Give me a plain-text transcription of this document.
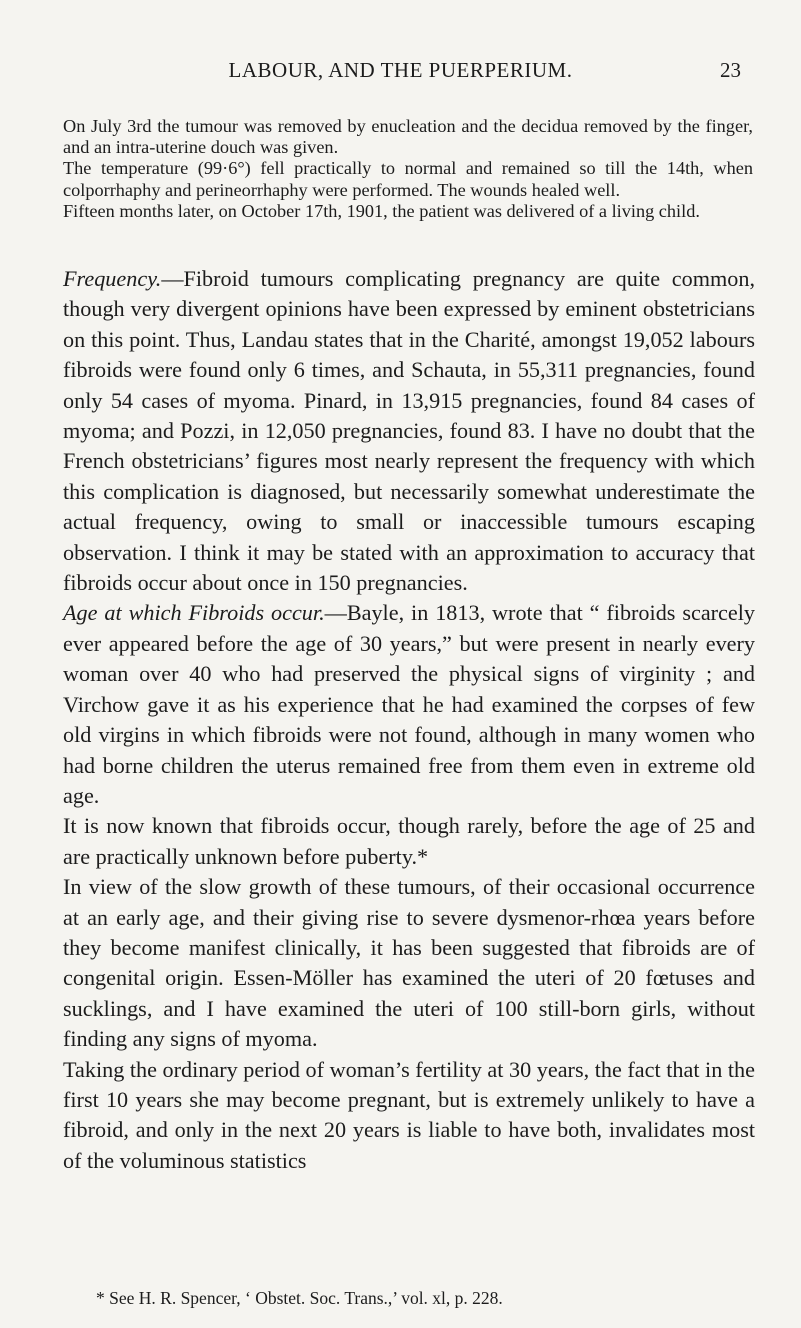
LABOUR, AND THE PUERPERIUM.	23

On July 3rd the tumour was removed by enucleation and the decidua removed by the finger, and an intra-uterine douch was given.

The temperature (99·6°) fell practically to normal and remained so till the 14th, when colporrhaphy and perineorrhaphy were performed. The wounds healed well.

Fifteen months later, on October 17th, 1901, the patient was delivered of a living child.

Frequency.—Fibroid tumours complicating pregnancy are quite common, though very divergent opinions have been expressed by eminent obstetricians on this point. Thus, Landau states that in the Charité, amongst 19,052 labours fibroids were found only 6 times, and Schauta, in 55,311 pregnancies, found only 54 cases of myoma. Pinard, in 13,915 pregnancies, found 84 cases of myoma; and Pozzi, in 12,050 pregnancies, found 83. I have no doubt that the French obstetricians’ figures most nearly represent the frequency with which this complication is diagnosed, but necessarily somewhat underestimate the actual frequency, owing to small or inaccessible tumours escaping observation. I think it may be stated with an approximation to accuracy that fibroids occur about once in 150 pregnancies.

Age at which Fibroids occur.—Bayle, in 1813, wrote that “ fibroids scarcely ever appeared before the age of 30 years,” but were present in nearly every woman over 40 who had preserved the physical signs of virginity ; and Virchow gave it as his experience that he had examined the corpses of few old virgins in which fibroids were not found, although in many women who had borne children the uterus remained free from them even in extreme old age.

It is now known that fibroids occur, though rarely, before the age of 25 and are practically unknown before puberty.*

In view of the slow growth of these tumours, of their occasional occurrence at an early age, and their giving rise to severe dysmenor-rhœa years before they become manifest clinically, it has been suggested that fibroids are of congenital origin. Essen-Möller has examined the uteri of 20 fœtuses and sucklings, and I have examined the uteri of 100 still-born girls, without finding any signs of myoma.

Taking the ordinary period of woman’s fertility at 30 years, the fact that in the first 10 years she may become pregnant, but is extremely unlikely to have a fibroid, and only in the next 20 years is liable to have both, invalidates most of the voluminous statistics

* See H. R. Spencer, ‘ Obstet. Soc. Trans.,’ vol. xl, p. 228.
